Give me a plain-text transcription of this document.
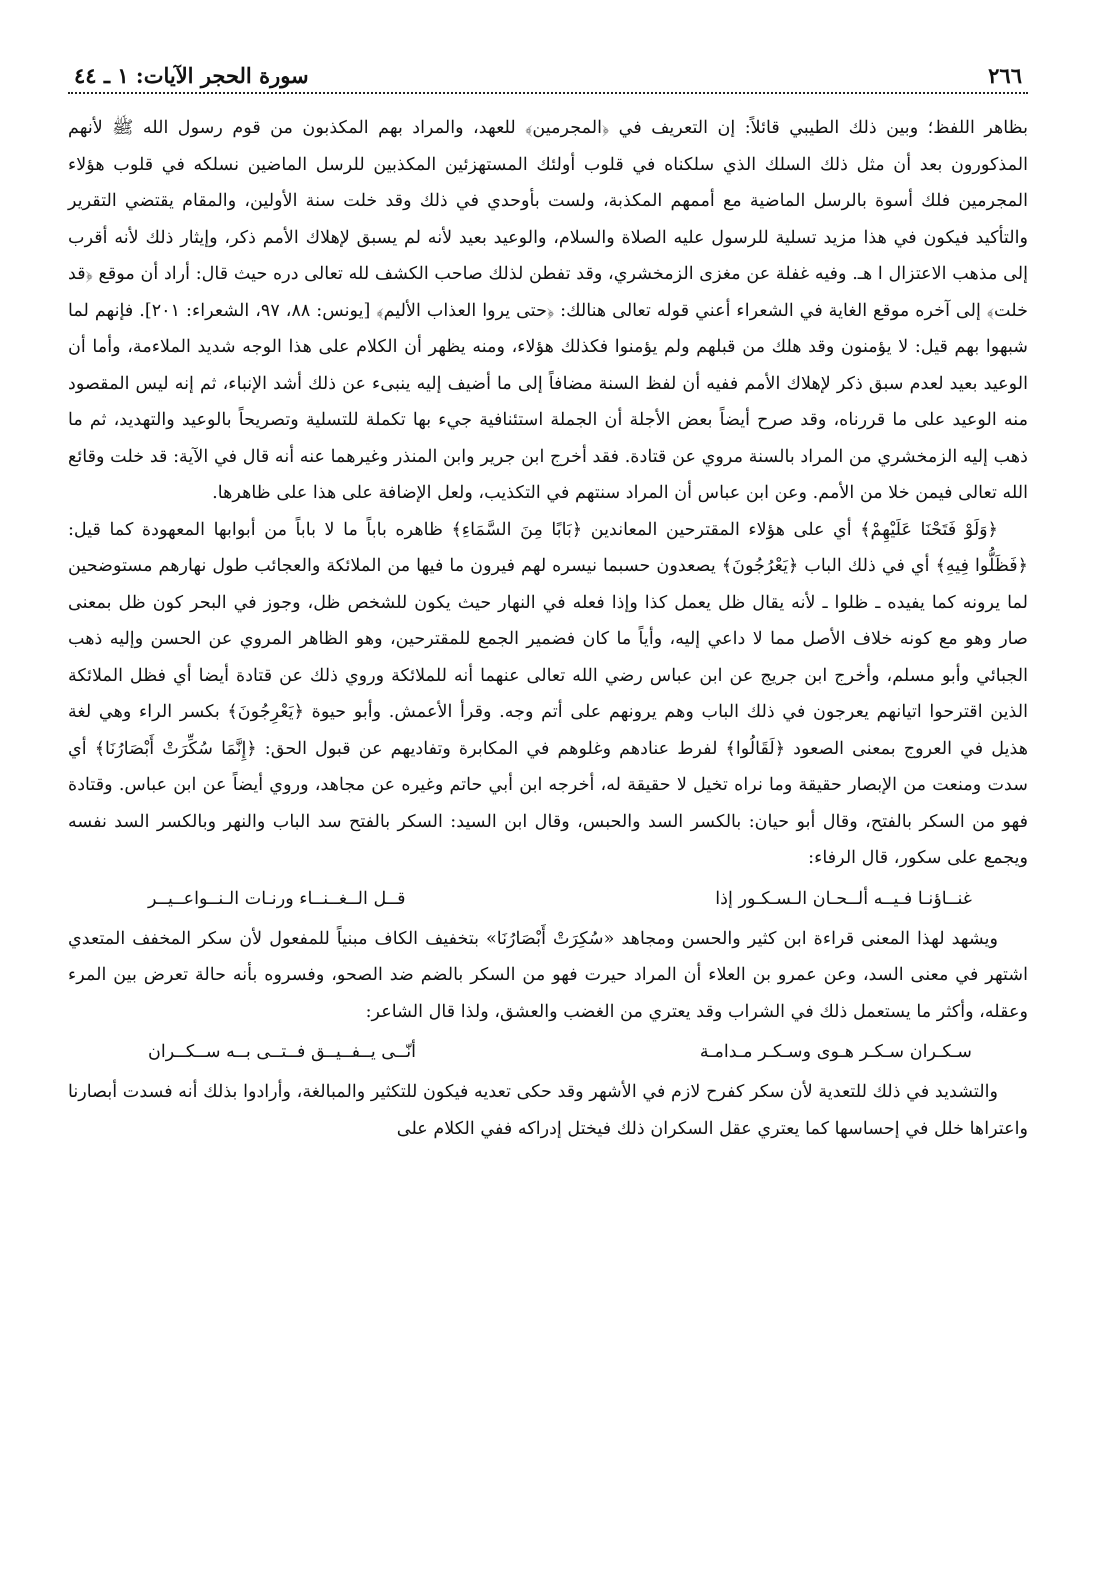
٢٦٦
سورة الحجر الآيات: ١ ـ ٤٤

بظاهر اللفظ؛ وبين ذلك الطيبي قائلاً: إن التعريف في ﴿المجرمين﴾ للعهد، والمراد بهم المكذبون من قوم رسول الله ﷺ لأنهم المذكورون بعد أن مثل ذلك السلك الذي سلكناه في قلوب أولئك المستهزئين المكذبين للرسل الماضين نسلكه في قلوب هؤلاء المجرمين فلك أسوة بالرسل الماضية مع أممهم المكذبة، ولست بأوحدي في ذلك وقد خلت سنة الأولين، والمقام يقتضي التقرير والتأكيد فيكون في هذا مزيد تسلية للرسول عليه الصلاة والسلام، والوعيد بعيد لأنه لم يسبق لإهلاك الأمم ذكر، وإيثار ذلك لأنه أقرب إلى مذهب الاعتزال ا هـ. وفيه غفلة عن مغزى الزمخشري، وقد تفطن لذلك صاحب الكشف لله تعالى دره حيث قال: أراد أن موقع ﴿قد خلت﴾ إلى آخره موقع الغاية في الشعراء أعني قوله تعالى هنالك: ﴿حتى يروا العذاب الأليم﴾ [يونس: ٨٨، ٩٧، الشعراء: ٢٠١]. فإنهم لما شبهوا بهم قيل: لا يؤمنون وقد هلك من قبلهم ولم يؤمنوا فكذلك هؤلاء، ومنه يظهر أن الكلام على هذا الوجه شديد الملاءمة، وأما أن الوعيد بعيد لعدم سبق ذكر لإهلاك الأمم ففيه أن لفظ السنة مضافاً إلى ما أضيف إليه ينبىء عن ذلك أشد الإنباء، ثم إنه ليس المقصود منه الوعيد على ما قررناه، وقد صرح أيضاً بعض الأجلة أن الجملة استئنافية جيء بها تكملة للتسلية وتصريحاً بالوعيد والتهديد، ثم ما ذهب إليه الزمخشري من المراد بالسنة مروي عن قتادة. فقد أخرج ابن جرير وابن المنذر وغيرهما عنه أنه قال في الآية: قد خلت وقائع الله تعالى فيمن خلا من الأمم. وعن ابن عباس أن المراد سنتهم في التكذيب، ولعل الإضافة على هذا على ظاهرها.

﴿وَلَوْ فَتَحْنَا عَلَيْهِمْ﴾ أي على هؤلاء المقترحين المعاندين ﴿بَابًا مِنَ السَّمَاءِ﴾ ظاهره باباً ما لا باباً من أبوابها المعهودة كما قيل: ﴿فَظَلُّوا فِيهِ﴾ أي في ذلك الباب ﴿يَعْرُجُونَ﴾ يصعدون حسبما نيسره لهم فيرون ما فيها من الملائكة والعجائب طول نهارهم مستوضحين لما يرونه كما يفيده ـ ظلوا ـ لأنه يقال ظل يعمل كذا وإذا فعله في النهار حيث يكون للشخص ظل، وجوز في البحر كون ظل بمعنى صار وهو مع كونه خلاف الأصل مما لا داعي إليه، وأياً ما كان فضمير الجمع للمقترحين، وهو الظاهر المروي عن الحسن وإليه ذهب الجبائي وأبو مسلم، وأخرج ابن جريج عن ابن عباس رضي الله تعالى عنهما أنه للملائكة وروي ذلك عن قتادة أيضا أي فظل الملائكة الذين اقترحوا اتيانهم يعرجون في ذلك الباب وهم يرونهم على أتم وجه. وقرأ الأعمش. وأبو حيوة ﴿يَعْرِجُونَ﴾ بكسر الراء وهي لغة هذيل في العروج بمعنى الصعود ﴿لَقَالُوا﴾ لفرط عنادهم وغلوهم في المكابرة وتفاديهم عن قبول الحق: ﴿إِنَّمَا سُكِّرَتْ أَبْصَارُنَا﴾ أي سدت ومنعت من الإبصار حقيقة وما نراه تخيل لا حقيقة له، أخرجه ابن أبي حاتم وغيره عن مجاهد، وروي أيضاً عن ابن عباس. وقتادة فهو من السكر بالفتح، وقال أبو حيان: بالكسر السد والحبس، وقال ابن السيد: السكر بالفتح سد الباب والنهر وبالكسر السد نفسه ويجمع على سكور، قال الرفاء:

غنــاؤنـا فـيــه ألــحـان الـسـكـور إذا
قــل الــغــنــاء ورنـات الـنــواعــيــر

ويشهد لهذا المعنى قراءة ابن كثير والحسن ومجاهد «سُكِرَتْ أَبْصَارُنَا» بتخفيف الكاف مبنياً للمفعول لأن سكر المخفف المتعدي اشتهر في معنى السد، وعن عمرو بن العلاء أن المراد حيرت فهو من السكر بالضم ضد الصحو، وفسروه بأنه حالة تعرض بين المرء وعقله، وأكثر ما يستعمل ذلك في الشراب وقد يعتري من الغضب والعشق، ولذا قال الشاعر:

سـكـران سـكـر هـوى وسـكـر مـدامـة
أنّــى يــفــيــق فــتــى بــه ســكــران

والتشديد في ذلك للتعدية لأن سكر كفرح لازم في الأشهر وقد حكى تعديه فيكون للتكثير والمبالغة، وأرادوا بذلك أنه فسدت أبصارنا واعتراها خلل في إحساسها كما يعتري عقل السكران ذلك فيختل إدراكه ففي الكلام على
